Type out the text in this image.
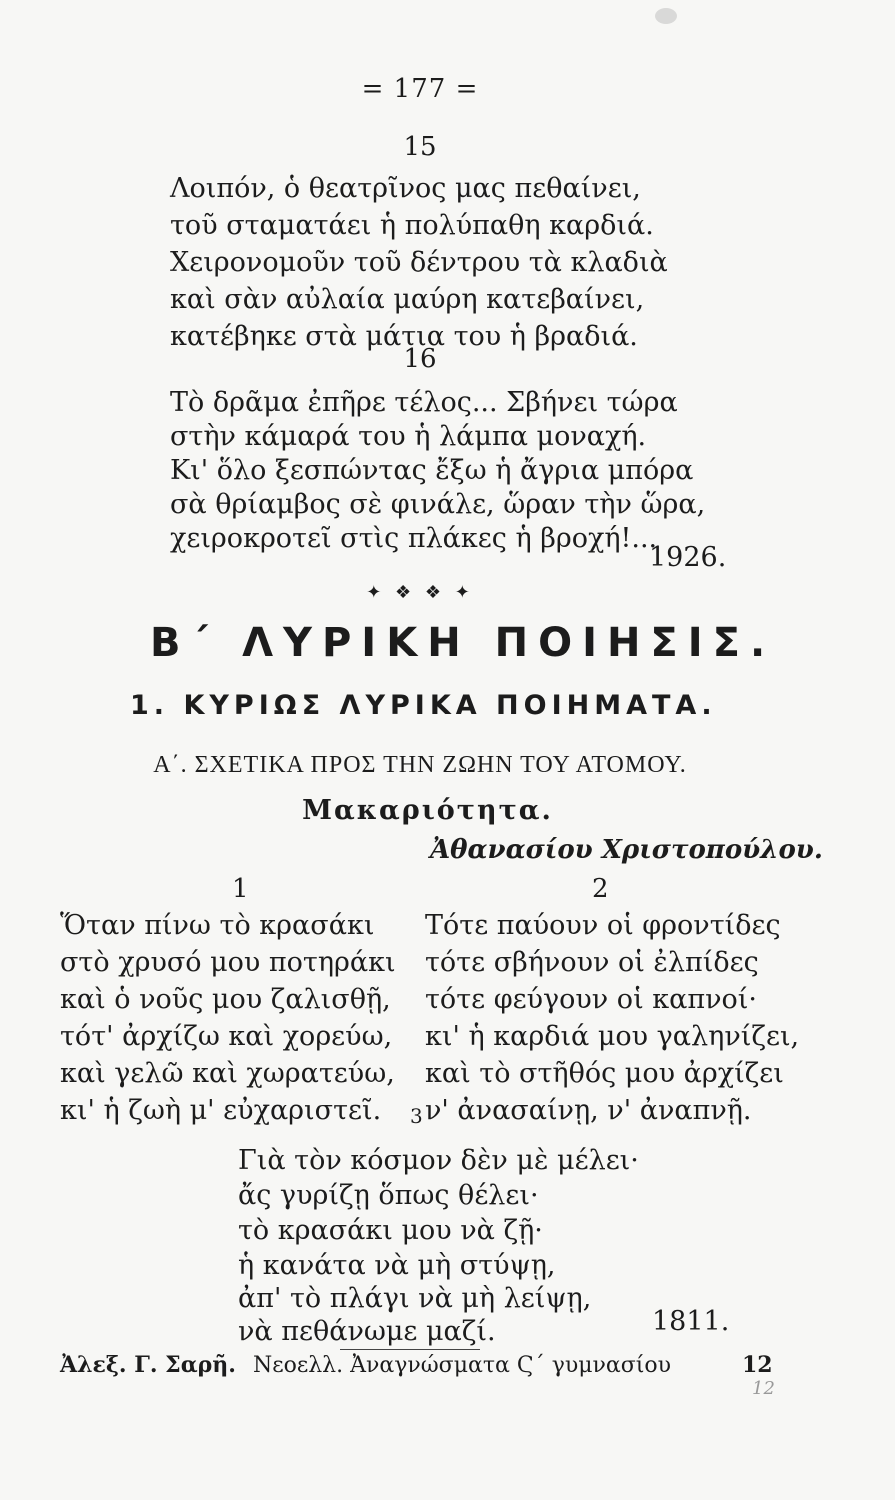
= 177 =
15
Λοιπόν, ὁ θεατρῖνος μας πεθαίνει,
τοῦ σταματάει ἡ πολύπαθη καρδιά.
Χειρονομοῦν τοῦ δέντρου τὰ κλαδιὰ
καὶ σὰν αὐλαία μαύρη κατεβαίνει,
κατέβηκε στὰ μάτια του ἡ βραδιά.
16
Τὸ δρᾶμα ἐπῆρε τέλος... Σβήνει τώρα
στὴν κάμαρά του ἡ λάμπα μοναχή.
Κι' ὅλο ξεσπώντας ἔξω ἡ ἄγρια μπόρα
σὰ θρίαμβος σὲ φινάλε, ὥραν τὴν ὥρα,
χειροκροτεῖ στὶς πλάκες ἡ βροχή!...
1926.
✦ ❖ ❖ ✦
Β΄ ΛΥΡΙΚΗ ΠΟΙΗΣΙΣ.
1. ΚΥΡΙΩΣ ΛΥΡΙΚΑ ΠΟΙΗΜΑΤΑ.
Α΄. ΣΧΕΤΙΚΑ ΠΡΟΣ ΤΗΝ ΖΩΗΝ ΤΟΥ ΑΤΟΜΟΥ.
Μακαριότητα.
Ἀθανασίου Χριστοπούλου.
1
Ὅταν πίνω τὸ κρασάκι
στὸ χρυσό μου ποτηράκι
καὶ ὁ νοῦς μου ζαλισθῇ,
τότ' ἀρχίζω καὶ χορεύω,
καὶ γελῶ καὶ χωρατεύω,
κι' ἡ ζωὴ μ' εὐχαριστεῖ.
2
Τότε παύουν οἱ φροντίδες
τότε σβήνουν οἱ ἐλπίδες
τότε φεύγουν οἱ καπνοί·
κι' ἡ καρδιά μου γαληνίζει,
καὶ τὸ στῆθός μου ἀρχίζει
ν' ἀνασαίνῃ, ν' ἀναπνῇ.
3
Γιὰ τὸν κόσμον δὲν μὲ μέλει·
ἄς γυρίζῃ ὅπως θέλει·
τὸ κρασάκι μου νὰ ζῇ·
ἡ κανάτα νὰ μὴ στύψῃ,
ἀπ' τὸ πλάγι νὰ μὴ λείψῃ,
νὰ πεθάνωμε μαζί.	1811.
Ἀλεξ. Γ. Σαρῆ. Νεοελλ. Ἀναγνώσματα Ϛ΄ γυμνασίου	12
12
